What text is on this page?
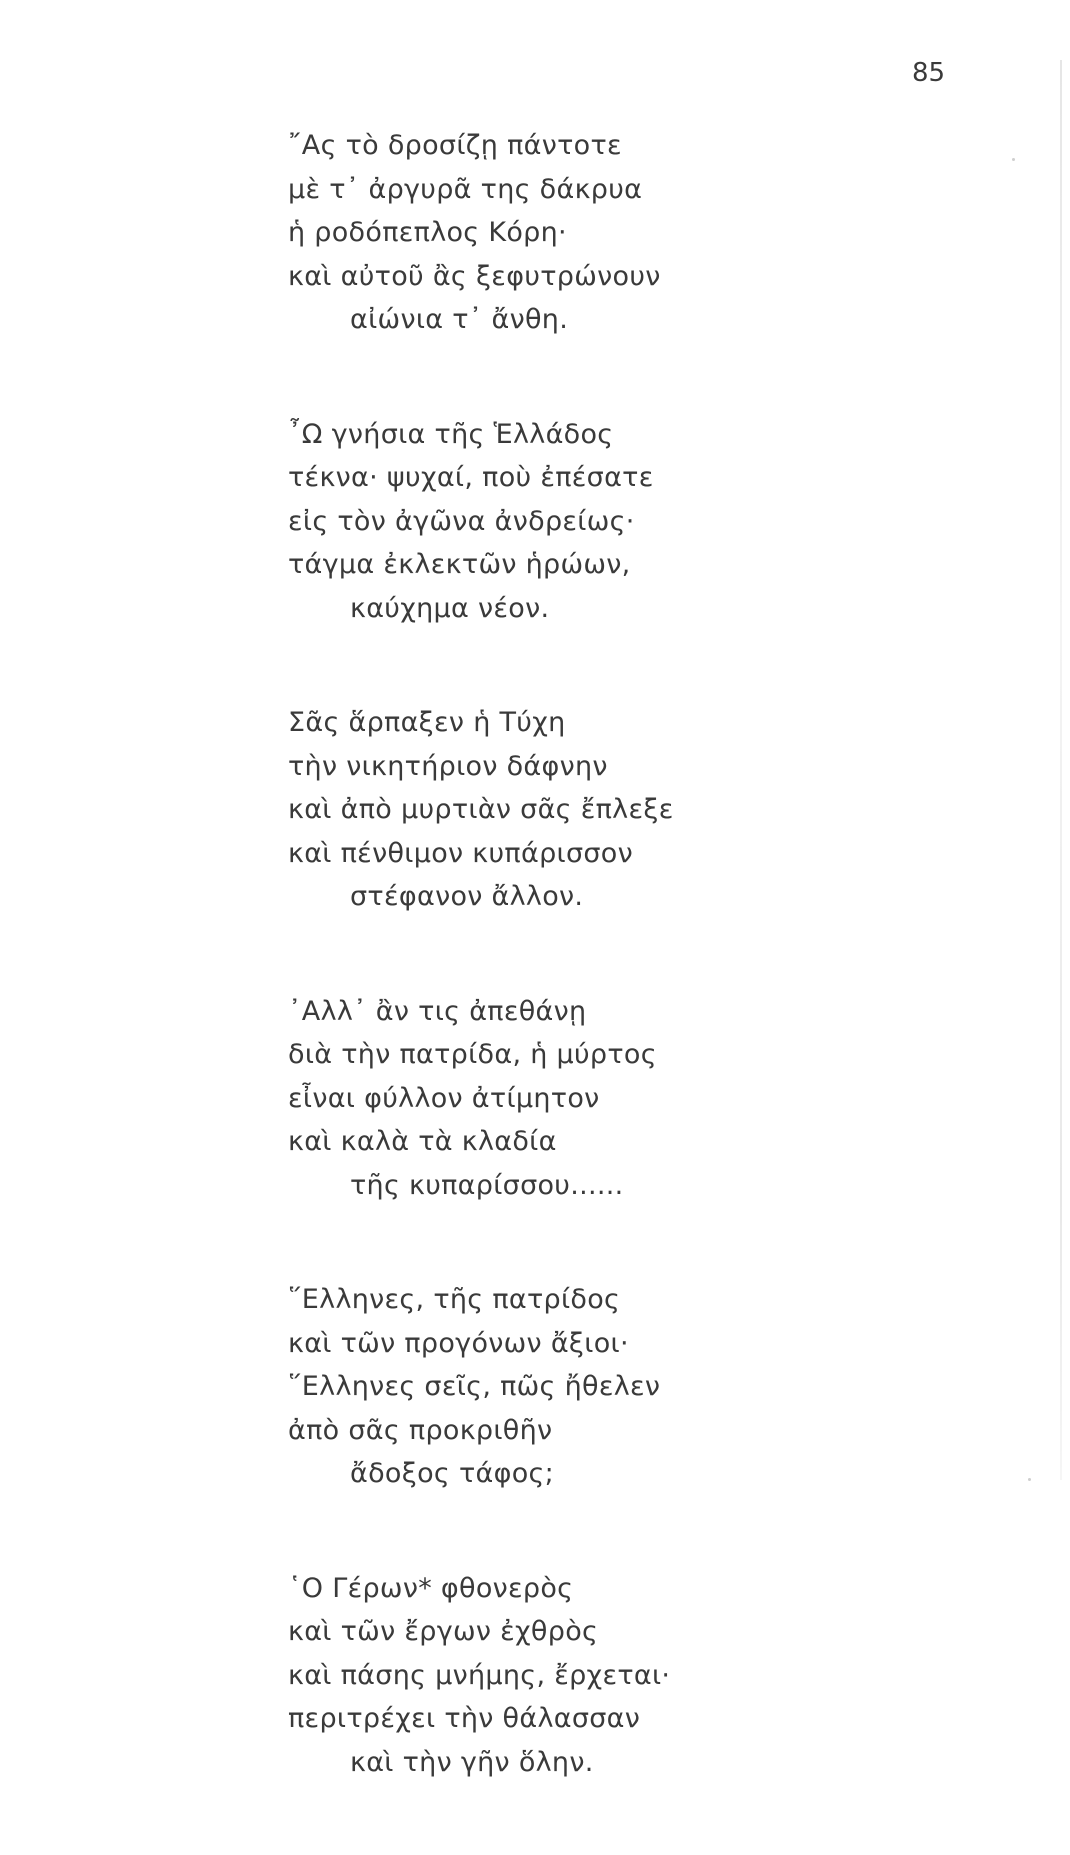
85
῎Ας τὸ δροσίζῃ πάντοτε
μὲ τ᾽ ἀργυρᾶ της δάκρυα
ἡ ροδόπεπλος Κόρη·
καὶ αὐτοῦ ἂς ξεφυτρώνουν
αἰώνια τ᾽ ἄνθη.
῏Ω γνήσια τῆς Ἑλλάδος
τέκνα· ψυχαί, ποὺ ἐπέσατε
εἰς τὸν ἀγῶνα ἀνδρείως·
τάγμα ἐκλεκτῶν ἡρώων,
καύχημα νέον.
Σᾶς ἅρπαξεν ἡ Τύχη
τὴν νικητήριον δάφνην
καὶ ἀπὸ μυρτιὰν σᾶς ἔπλεξε
καὶ πένθιμον κυπάρισσον
στέφανον ἄλλον.
᾽Αλλ᾽ ἂν τις ἀπεθάνῃ
διὰ τὴν πατρίδα, ἡ μύρτος
εἶναι φύλλον ἀτίμητον
καὶ καλὰ τὰ κλαδία
τῆς κυπαρίσσου......
῞Ελληνες, τῆς πατρίδος
καὶ τῶν προγόνων ἄξιοι·
῞Ελληνες σεῖς, πῶς ἤθελεν
ἀπὸ σᾶς προκριθῆν
ἄδοξος τάφος;
῾Ο Γέρων* φθονερὸς
καὶ τῶν ἔργων ἐχθρὸς
καὶ πάσης μνήμης, ἔρχεται·
περιτρέχει τὴν θάλασσαν
καὶ τὴν γῆν ὅλην.
